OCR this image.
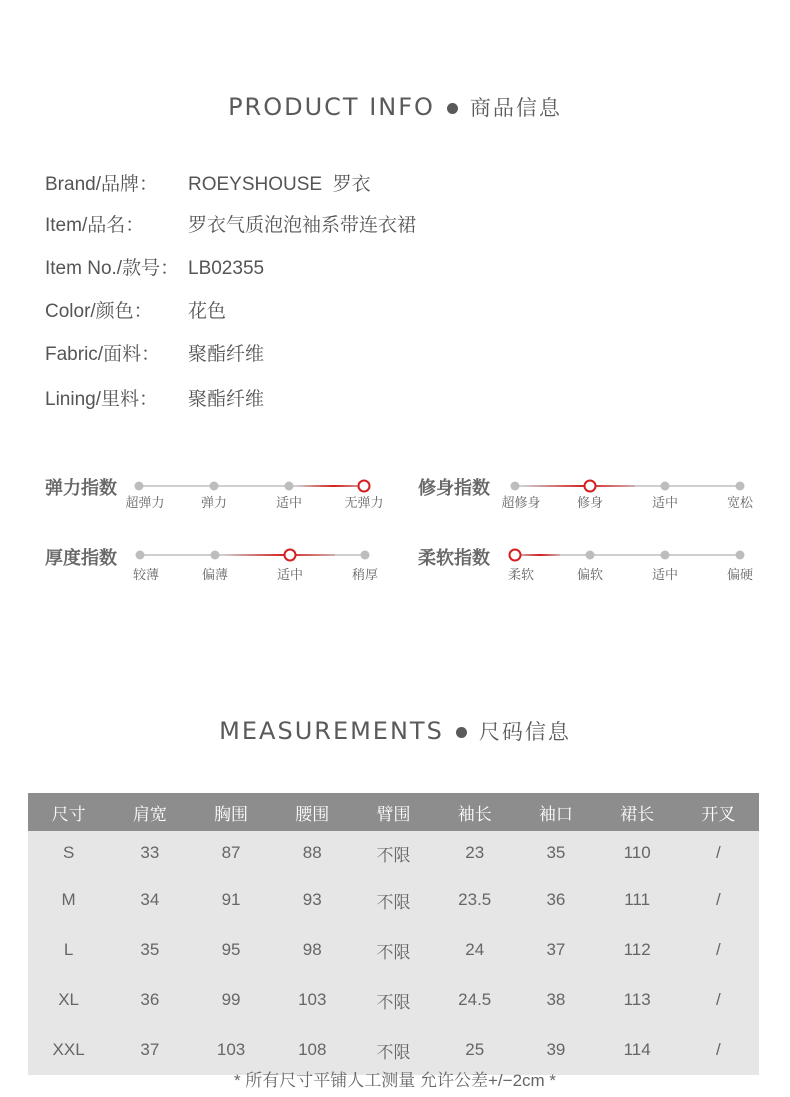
PRODUCT INFO 商品信息
Brand/品牌： ROEYSHOUSE  罗衣
Item/品名： 罗衣气质泡泡袖系带连衣裙
Item No./款号： LB02355
Color/颜色： 花色
Fabric/面料： 聚酯纤维
Lining/里料： 聚酯纤维
弹力指数
超弹力	弹力	适中	无弹力
修身指数
超修身	修身	适中	宽松
厚度指数
较薄	偏薄	适中	稍厚
柔软指数
柔软	偏软	适中	偏硬
MEASUREMENTS 尺码信息
尺寸	肩宽	胸围	腰围	臂围	袖长	袖口	裙长	开叉
S	33	87	88	不限	23	35	110	/
M	34	91	93	不限	23.5	36	111	/
L	35	95	98	不限	24	37	112	/
XL	36	99	103	不限	24.5	38	113	/
XXL	37	103	108	不限	25	39	114	/
* 所有尺寸平铺人工测量 允许公差+/−2cm *
